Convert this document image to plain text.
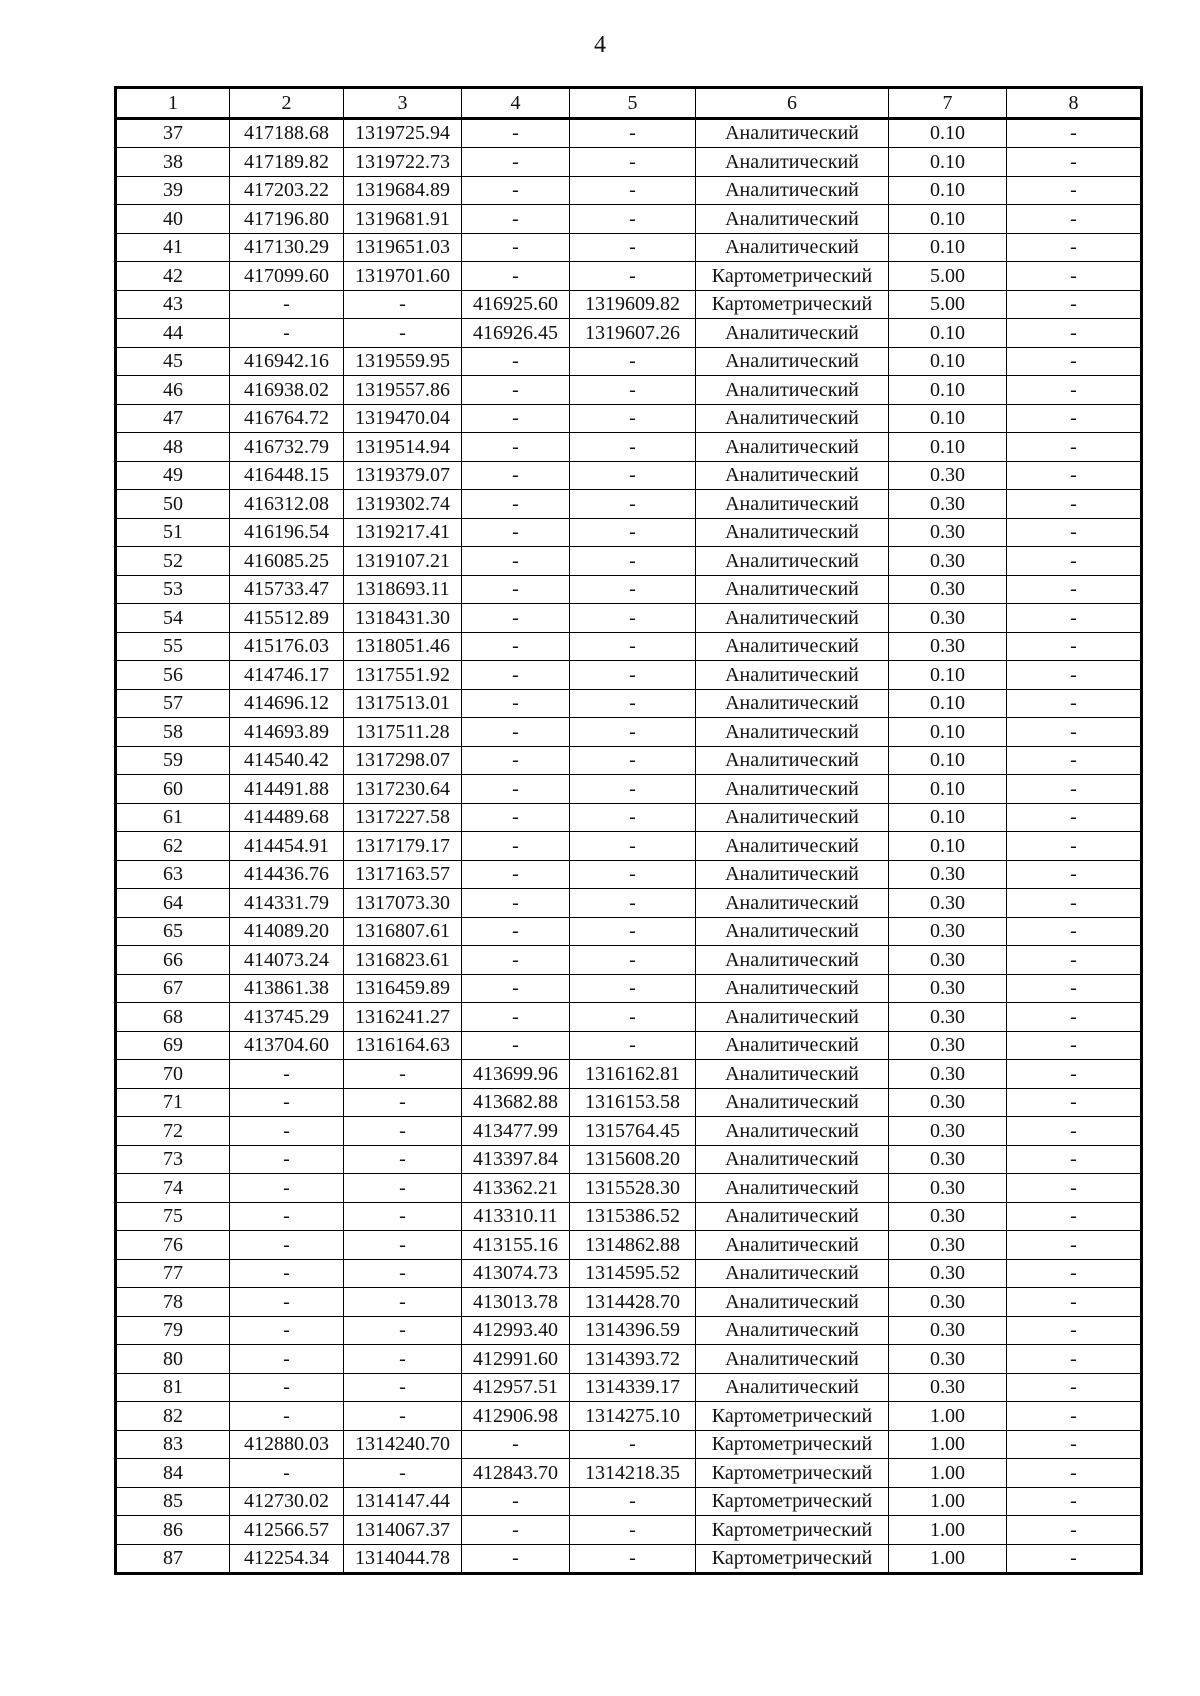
4
1	2	3	4	5	6	7	8
37	417188.68	1319725.94	-	-	Аналитический	0.10	-
38	417189.82	1319722.73	-	-	Аналитический	0.10	-
39	417203.22	1319684.89	-	-	Аналитический	0.10	-
40	417196.80	1319681.91	-	-	Аналитический	0.10	-
41	417130.29	1319651.03	-	-	Аналитический	0.10	-
42	417099.60	1319701.60	-	-	Картометрический	5.00	-
43	-	-	416925.60	1319609.82	Картометрический	5.00	-
44	-	-	416926.45	1319607.26	Аналитический	0.10	-
45	416942.16	1319559.95	-	-	Аналитический	0.10	-
46	416938.02	1319557.86	-	-	Аналитический	0.10	-
47	416764.72	1319470.04	-	-	Аналитический	0.10	-
48	416732.79	1319514.94	-	-	Аналитический	0.10	-
49	416448.15	1319379.07	-	-	Аналитический	0.30	-
50	416312.08	1319302.74	-	-	Аналитический	0.30	-
51	416196.54	1319217.41	-	-	Аналитический	0.30	-
52	416085.25	1319107.21	-	-	Аналитический	0.30	-
53	415733.47	1318693.11	-	-	Аналитический	0.30	-
54	415512.89	1318431.30	-	-	Аналитический	0.30	-
55	415176.03	1318051.46	-	-	Аналитический	0.30	-
56	414746.17	1317551.92	-	-	Аналитический	0.10	-
57	414696.12	1317513.01	-	-	Аналитический	0.10	-
58	414693.89	1317511.28	-	-	Аналитический	0.10	-
59	414540.42	1317298.07	-	-	Аналитический	0.10	-
60	414491.88	1317230.64	-	-	Аналитический	0.10	-
61	414489.68	1317227.58	-	-	Аналитический	0.10	-
62	414454.91	1317179.17	-	-	Аналитический	0.10	-
63	414436.76	1317163.57	-	-	Аналитический	0.30	-
64	414331.79	1317073.30	-	-	Аналитический	0.30	-
65	414089.20	1316807.61	-	-	Аналитический	0.30	-
66	414073.24	1316823.61	-	-	Аналитический	0.30	-
67	413861.38	1316459.89	-	-	Аналитический	0.30	-
68	413745.29	1316241.27	-	-	Аналитический	0.30	-
69	413704.60	1316164.63	-	-	Аналитический	0.30	-
70	-	-	413699.96	1316162.81	Аналитический	0.30	-
71	-	-	413682.88	1316153.58	Аналитический	0.30	-
72	-	-	413477.99	1315764.45	Аналитический	0.30	-
73	-	-	413397.84	1315608.20	Аналитический	0.30	-
74	-	-	413362.21	1315528.30	Аналитический	0.30	-
75	-	-	413310.11	1315386.52	Аналитический	0.30	-
76	-	-	413155.16	1314862.88	Аналитический	0.30	-
77	-	-	413074.73	1314595.52	Аналитический	0.30	-
78	-	-	413013.78	1314428.70	Аналитический	0.30	-
79	-	-	412993.40	1314396.59	Аналитический	0.30	-
80	-	-	412991.60	1314393.72	Аналитический	0.30	-
81	-	-	412957.51	1314339.17	Аналитический	0.30	-
82	-	-	412906.98	1314275.10	Картометрический	1.00	-
83	412880.03	1314240.70	-	-	Картометрический	1.00	-
84	-	-	412843.70	1314218.35	Картометрический	1.00	-
85	412730.02	1314147.44	-	-	Картометрический	1.00	-
86	412566.57	1314067.37	-	-	Картометрический	1.00	-
87	412254.34	1314044.78	-	-	Картометрический	1.00	-
